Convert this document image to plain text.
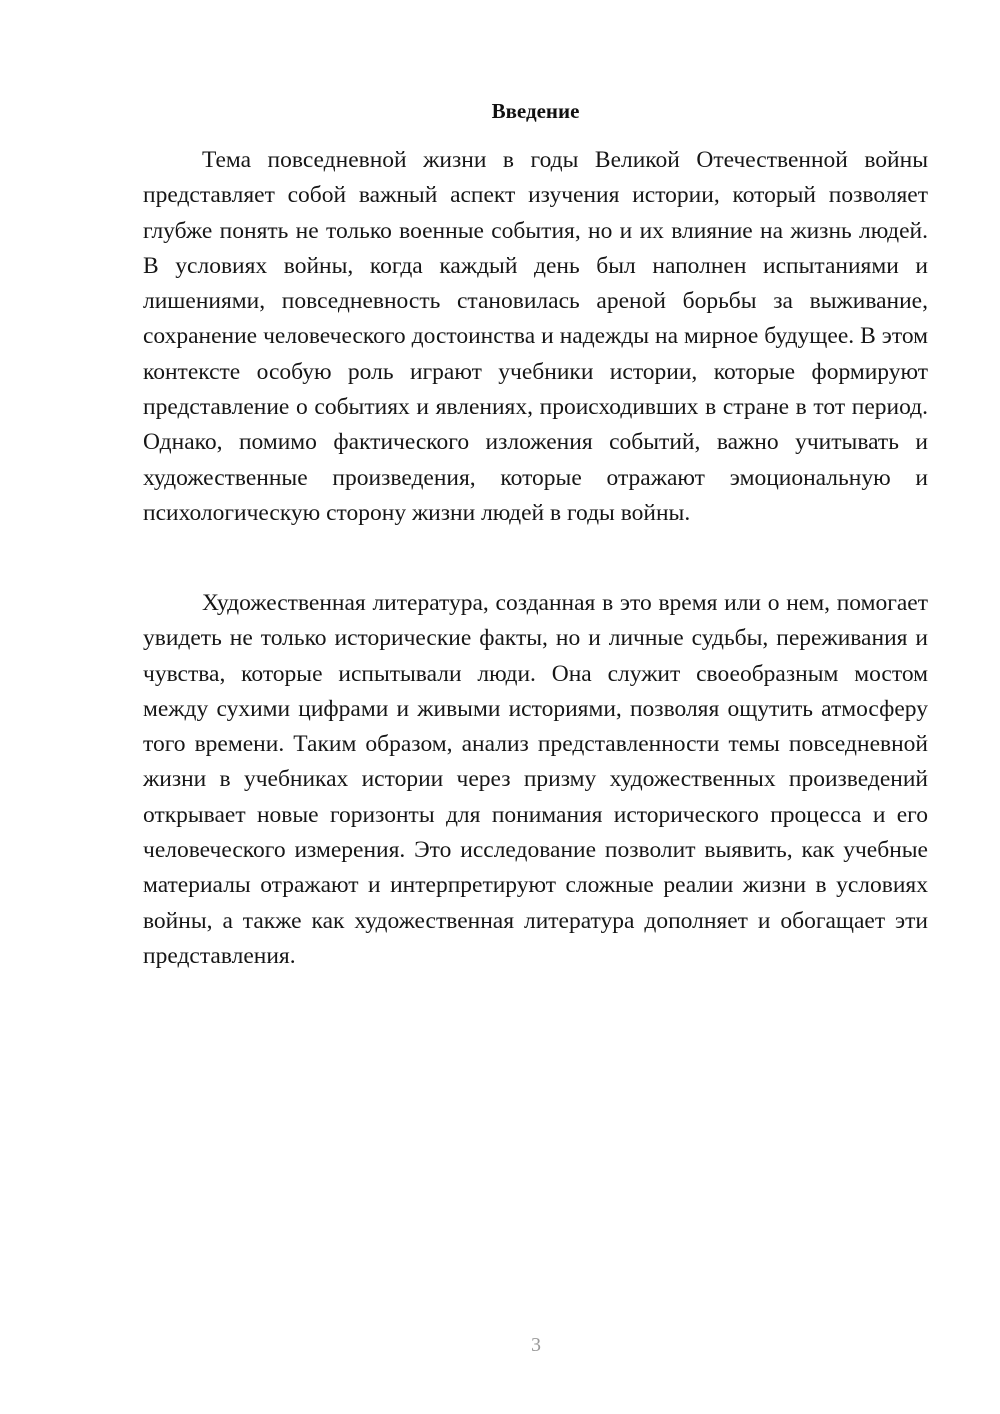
Введение

Тема повседневной жизни в годы Великой Отечественной войны представляет собой важный аспект изучения истории, который позволяет глубже понять не только военные события, но и их влияние на жизнь людей. В условиях войны, когда каждый день был наполнен испытаниями и лишениями, повседневность становилась ареной борьбы за выживание, сохранение человеческого достоинства и надежды на мирное будущее. В этом контексте особую роль играют учебники истории, которые формируют представление о событиях и явлениях, происходивших в стране в тот период. Однако, помимо фактического изложения событий, важно учитывать и художественные произведения, которые отражают эмоциональную и психологическую сторону жизни людей в годы войны.

Художественная литература, созданная в это время или о нем, помогает увидеть не только исторические факты, но и личные судьбы, переживания и чувства, которые испытывали люди. Она служит своеобразным мостом между сухими цифрами и живыми историями, позволяя ощутить атмосферу того времени. Таким образом, анализ представленности темы повседневной жизни в учебниках истории через призму художественных произведений открывает новые горизонты для понимания исторического процесса и его человеческого измерения. Это исследование позволит выявить, как учебные материалы отражают и интерпретируют сложные реалии жизни в условиях войны, а также как художественная литература дополняет и обогащает эти представления.

3
